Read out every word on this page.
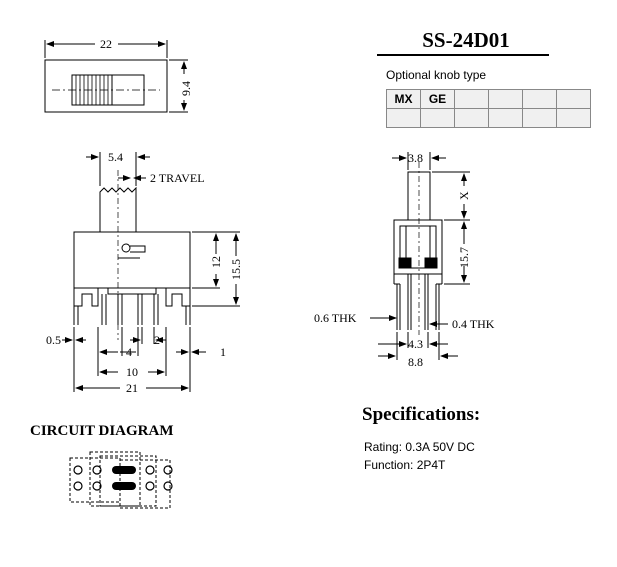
22
9.4
5.4
2 TRAVEL
12 15.5
0.5
4
2
1
10
21
3.8
X
15.7
0.6 THK	0.4 THK
4.3
8.8
SS-24D01
Optional knob type
MX	GE				

CIRCUIT DIAGRAM
Specifications:
Rating: 0.3A 50V DC
Function: 2P4T
